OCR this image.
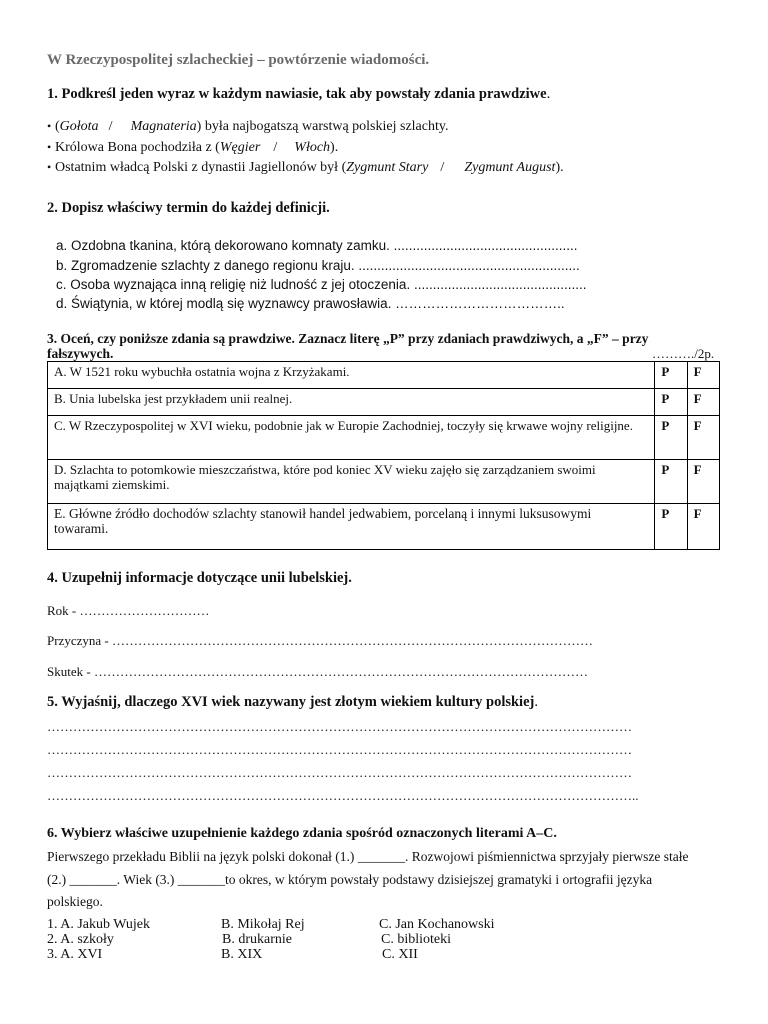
W Rzeczypospolitej szlacheckiej – powtórzenie wiadomości.
1. Podkreśl jeden wyraz w każdym nawiasie, tak aby powstały zdania prawdziwe.
• (Gołota / Magnateria) była najbogatszą warstwą polskiej szlachty.
• Królowa Bona pochodziła z (Węgier / Włoch).
• Ostatnim władcą Polski z dynastii Jagiellonów był (Zygmunt Stary / Zygmunt August).
2. Dopisz właściwy termin do każdej definicji.
a. Ozdobna tkanina, którą dekorowano komnaty zamku. .................................................
b. Zgromadzenie szlachty z danego regionu kraju. ...........................................................
c. Osoba wyznająca inną religię niż ludność z jej otoczenia. ..............................................
d. Świątynia, w której modlą się wyznawcy prawosławia. ………………………………..
3. Oceń, czy poniższe zdania są prawdziwe. Zaznacz literę „P” przy zdaniach prawdziwych, a „F” – przy
fałszywych.	………./2p.
A. W 1521 roku wybuchła ostatnia wojna z Krzyżakami.	P	F
B. Unia lubelska jest przykładem unii realnej.	P	F
C. W Rzeczypospolitej w XVI wieku, podobnie jak w Europie Zachodniej, toczyły się krwawe wojny religijne.	P	F
D. Szlachta to potomkowie mieszczaństwa, które pod koniec XV wieku zajęło się zarządzaniem swoimi majątkami ziemskimi.	P	F
E. Główne źródło dochodów szlachty stanowił handel jedwabiem, porcelaną i innymi luksusowymi towarami.	P	F
4. Uzupełnij informacje dotyczące unii lubelskiej.
Rok - …………………………
Przyczyna - …………………………………………………………………………………………………
Skutek - ……………………………………………………………………………………………………
5. Wyjaśnij, dlaczego XVI wiek nazywany jest złotym wiekiem kultury polskiej.
………………………………………………………………………………………………………………………
………………………………………………………………………………………………………………………
………………………………………………………………………………………………………………………
………………………………………………………………………………………………………………………..
6. Wybierz właściwe uzupełnienie każdego zdania spośród oznaczonych literami A–C.
Pierwszego przekładu Biblii na język polski dokonał (1.) _______. Rozwojowi piśmiennictwa sprzyjały pierwsze stałe
(2.) _______. Wiek (3.) _______to okres, w którym powstały podstawy dzisiejszej gramatyki i ortografii języka
polskiego.
1. A. Jakub Wujek	B. Mikołaj Rej	C. Jan Kochanowski
2. A. szkoły	B. drukarnie	C. biblioteki
3. A. XVI	B. XIX	C. XII
